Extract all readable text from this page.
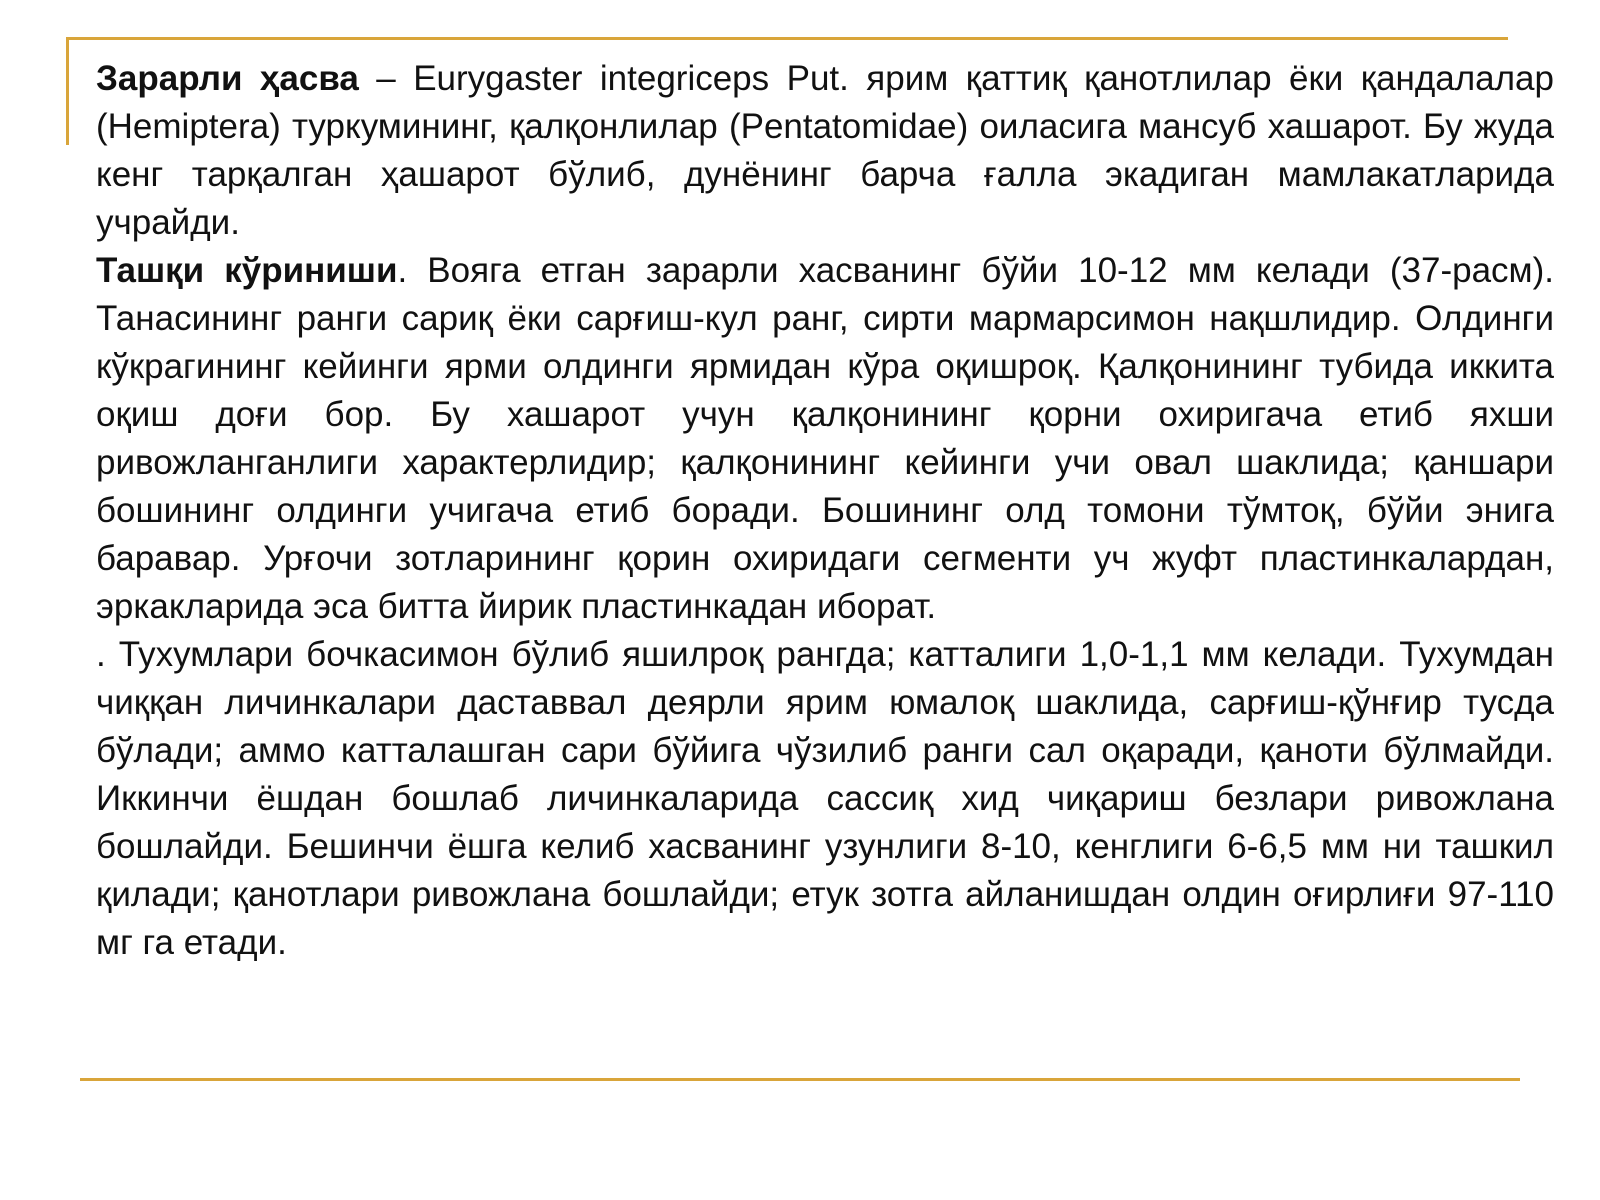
Зарарли ҳасва – Eurygaster integriceps Put. ярим қаттиқ қанотлилар ёки қандалалар (Hemiptera) туркумининг, қалқонлилар (Pentatomidae) оиласига мансуб хашарот. Бу жуда кенг тарқалган ҳашарот бўлиб, дунёнинг барча ғалла экадиган мамлакатларида учрайди.

Ташқи кўриниши. Вояга етган зарарли хасванинг бўйи 10-12 мм келади (37-расм). Танасининг ранги сариқ ёки сарғиш-кул ранг, сирти мармарсимон нақшлидир. Олдинги кўкрагининг кейинги ярми олдинги ярмидан кўра оқишроқ. Қалқонининг тубида иккита оқиш доғи бор. Бу хашарот учун қалқонининг қорни охиригача етиб яхши ривожланганлиги характерлидир; қалқонининг кейинги учи овал шаклида; қаншари бошининг олдинги учигача етиб боради. Бошининг олд томони тўмтоқ, бўйи энига баравар. Урғочи зотларининг қорин охиридаги сегменти уч жуфт пластинкалардан, эркакларида эса битта йирик пластинкадан иборат.

. Тухумлари бочкасимон бўлиб яшилроқ рангда; катталиги 1,0-1,1 мм келади. Тухумдан чиққан личинкалари даставвал деярли ярим юмалоқ шаклида, сарғиш-қўнғир тусда бўлади; аммо катталашган сари бўйига чўзилиб ранги сал оқаради, қаноти бўлмайди. Иккинчи ёшдан бошлаб личинкаларида сассиқ хид чиқариш безлари ривожлана бошлайди. Бешинчи ёшга келиб хасванинг узунлиги 8-10, кенглиги 6-6,5 мм ни ташкил қилади; қанотлари ривожлана бошлайди; етук зотга айланишдан олдин оғирлиғи 97-110 мг га етади.
